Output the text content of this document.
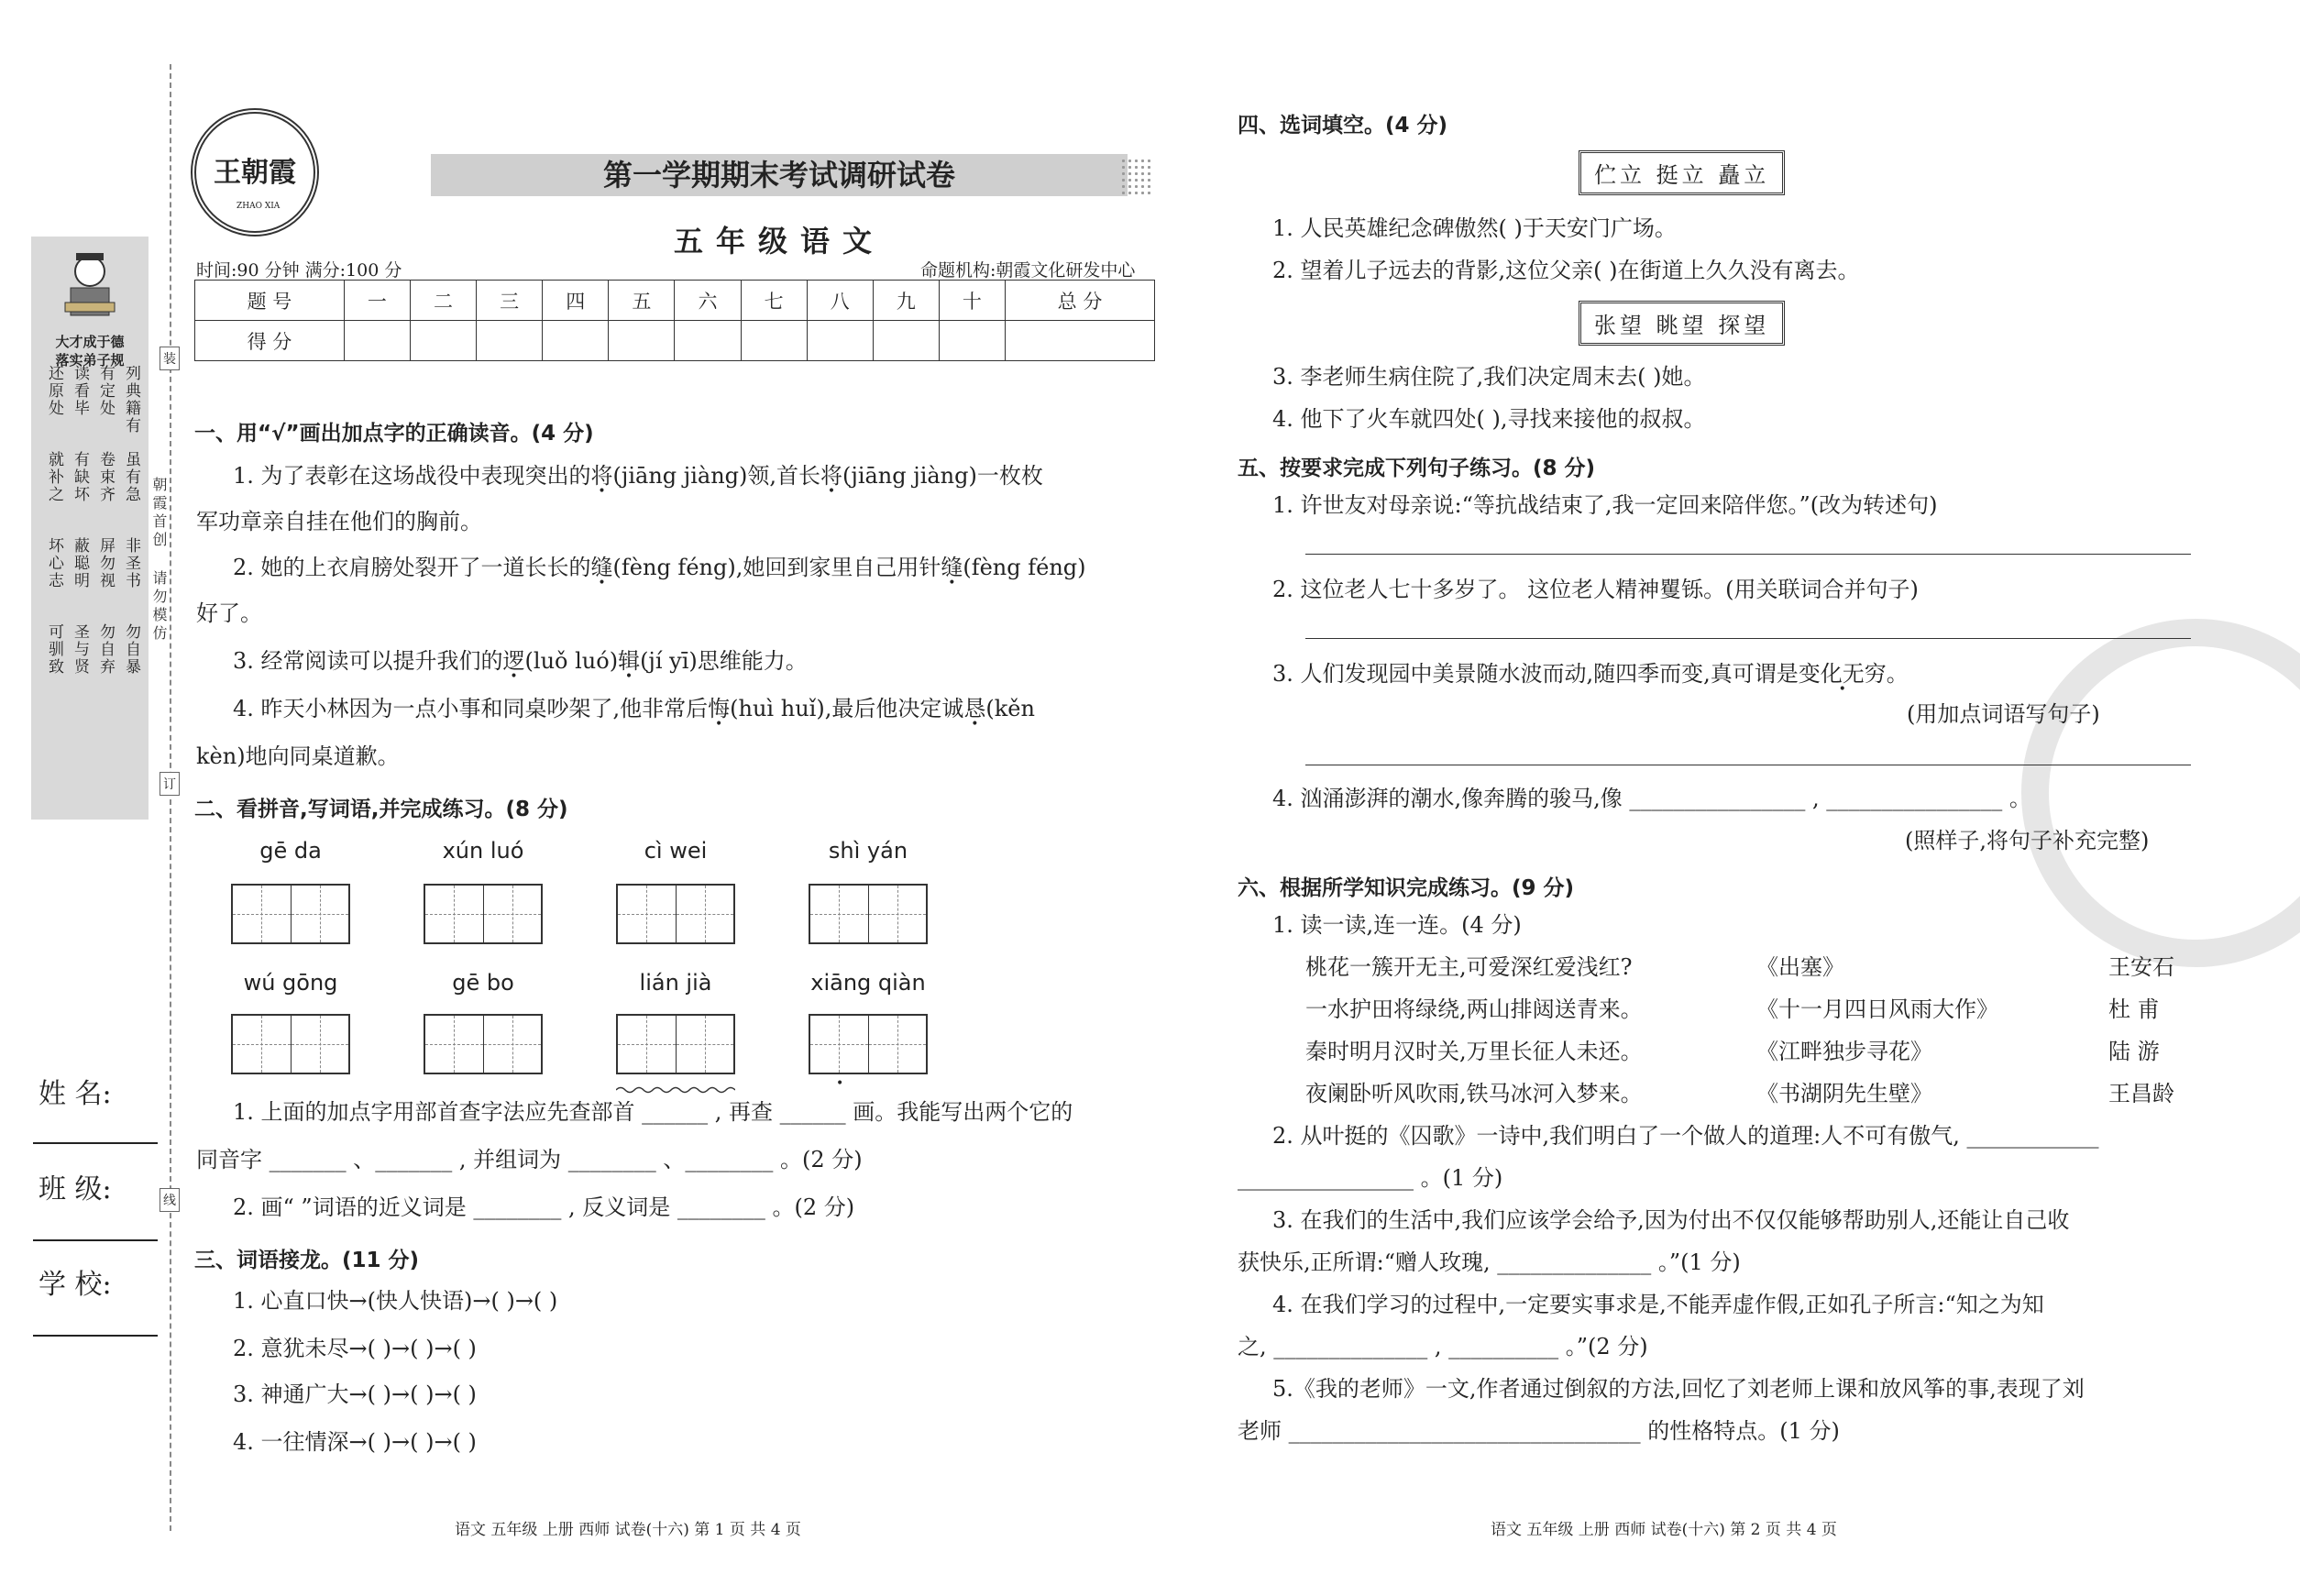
大才成于德
落实弟子规
列典籍有
有定处
读看毕
还原处
虽有急
卷束齐
有缺坏
就补之
非圣书
屏勿视
蔽聪明
坏心志
勿自暴
勿自弃
圣与贤
可驯致
装
订
线
朝霞首创
请勿模仿
姓 名:
班 级:
学 校:
王朝霞
ZHAO XIA
第一学期期末考试调研试卷
五年级语文
时间:90 分钟 满分:100 分	命题机构:朝霞文化研发中心
题 号	一	二	三	四	五	六	七	八	九	十	总 分
得 分											
一、用“√”画出加点字的正确读音。(4 分)
1. 为了表彰在这场战役中表现突出的将(jiāng jiàng)领,首长将(jiāng jiàng)一枚枚
军功章亲自挂在他们的胸前。
2. 她的上衣肩膀处裂开了一道长长的缝(fèng féng),她回到家里自己用针缝(fèng féng)
好了。
3. 经常阅读可以提升我们的逻(luǒ luó)辑(jí yī)思维能力。
4. 昨天小林因为一点小事和同桌吵架了,他非常后悔(huì huǐ),最后他决定诚恳(kěn
kèn)地向同桌道歉。
二、看拼音,写词语,并完成练习。(8 分)
gē da	xún luó	cì wei	shì yán
wú gōng	gē bo	lián jià	xiāng qiàn
•
1. 上面的加点字用部首查字法应先查部首 ______ , 再查 ______ 画。我能写出两个它的
同音字 _______ 、_______ , 并组词为 ________ 、________ 。(2 分)
2. 画“ ”词语的近义词是 ________ , 反义词是 ________ 。(2 分)
三、词语接龙。(11 分)
1. 心直口快→(快人快语)→( )→( )
2. 意犹未尽→( )→( )→( )
3. 神通广大→( )→( )→( )
4. 一往情深→( )→( )→( )
语文 五年级 上册 西师 试卷(十六) 第 1 页 共 4 页
四、选词填空。(4 分)
伫立 挺立 矗立
1. 人民英雄纪念碑傲然( )于天安门广场。
2. 望着儿子远去的背影,这位父亲( )在街道上久久没有离去。
张望 眺望 探望
3. 李老师生病住院了,我们决定周末去( )她。
4. 他下了火车就四处( ),寻找来接他的叔叔。
五、按要求完成下列句子练习。(8 分)
1. 许世友对母亲说:“等抗战结束了,我一定回来陪伴您。”(改为转述句)
2. 这位老人七十多岁了。 这位老人精神矍铄。(用关联词合并句子)
3. 人们发现园中美景随水波而动,随四季而变,真可谓是变化无穷。
(用加点词语写句子)
4. 汹涌澎湃的潮水,像奔腾的骏马,像 ________________ , ________________ 。
(照样子,将句子补充完整)
六、根据所学知识完成练习。(9 分)
1. 读一读,连一连。(4 分)
桃花一簇开无主,可爱深红爱浅红?	《出塞》	王安石
一水护田将绿绕,两山排闼送青来。	《十一月四日风雨大作》	杜 甫
秦时明月汉时关,万里长征人未还。	《江畔独步寻花》	陆 游
夜阑卧听风吹雨,铁马冰河入梦来。	《书湖阴先生壁》	王昌龄
2. 从叶挺的《囚歌》一诗中,我们明白了一个做人的道理:人不可有傲气, ____________
________________ 。(1 分)
3. 在我们的生活中,我们应该学会给予,因为付出不仅仅能够帮助别人,还能让自己收
获快乐,正所谓:“赠人玫瑰, ______________ 。”(1 分)
4. 在我们学习的过程中,一定要实事求是,不能弄虚作假,正如孔子所言:“知之为知
之, ______________ , __________ 。”(2 分)
5.《我的老师》一文,作者通过倒叙的方法,回忆了刘老师上课和放风筝的事,表现了刘
老师 ________________________________ 的性格特点。(1 分)
语文 五年级 上册 西师 试卷(十六) 第 2 页 共 4 页
